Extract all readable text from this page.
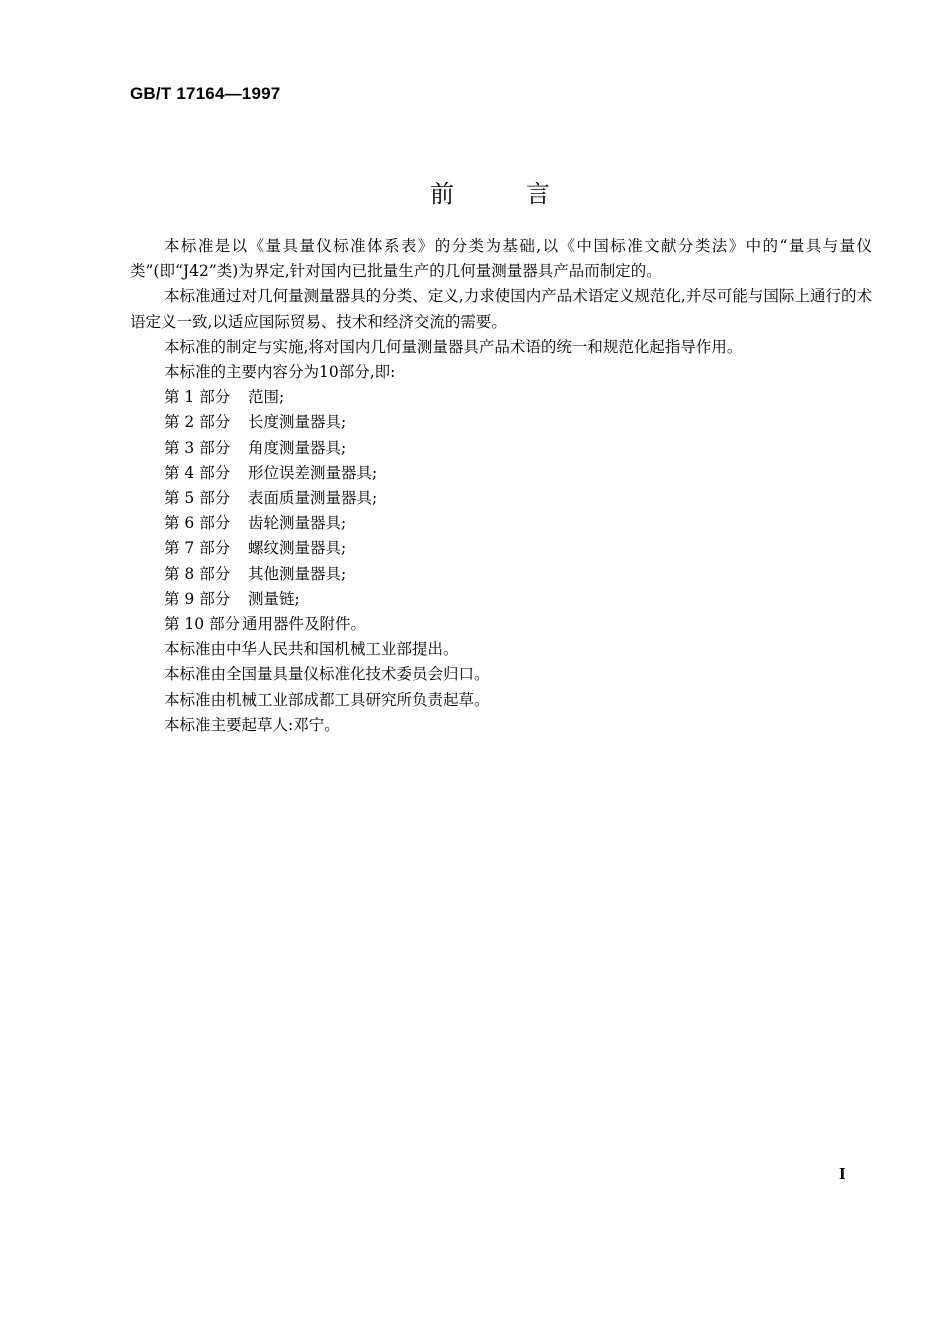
GB/T 17164—1997
前	言

本标准是以《量具量仪标准体系表》的分类为基础,以《中国标准文献分类法》中的“量具与量仪类”(即“J42”类)为界定,针对国内已批量生产的几何量测量器具产品而制定的。

本标准通过对几何量测量器具的分类、定义,力求使国内产品术语定义规范化,并尽可能与国际上通行的术语定义一致,以适应国际贸易、技术和经济交流的需要。

本标准的制定与实施,将对国内几何量测量器具产品术语的统一和规范化起指导作用。

本标准的主要内容分为10部分,即:

第 1 部分 范围;

第 2 部分 长度测量器具;

第 3 部分 角度测量器具;

第 4 部分 形位误差测量器具;

第 5 部分 表面质量测量器具;

第 6 部分 齿轮测量器具;

第 7 部分 螺纹测量器具;

第 8 部分 其他测量器具;

第 9 部分 测量链;

第 10 部分 通用器件及附件。

本标准由中华人民共和国机械工业部提出。

本标准由全国量具量仪标准化技术委员会归口。

本标准由机械工业部成都工具研究所负责起草。

本标准主要起草人:邓宁。

I
